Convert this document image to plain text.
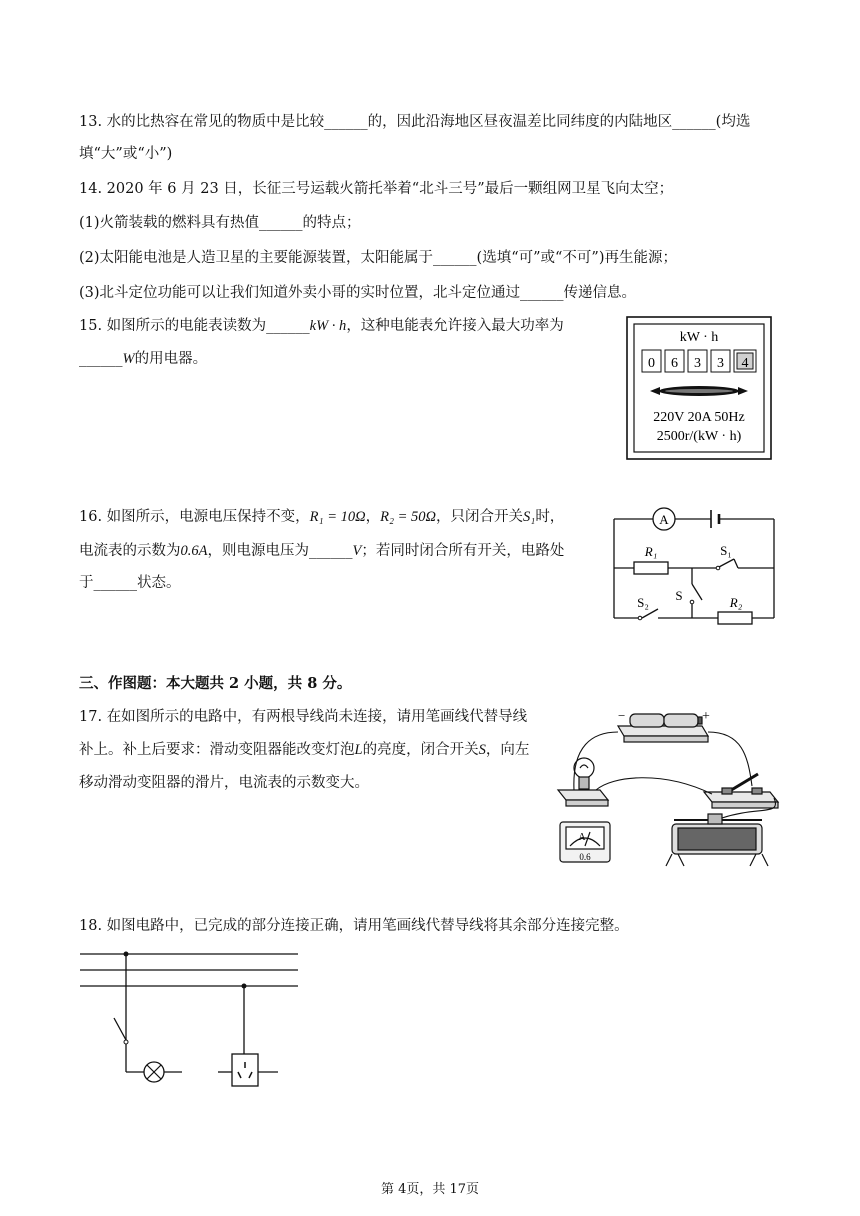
13. 水的比热容在常见的物质中是比较______的，因此沿海地区昼夜温差比同纬度的内陆地区______(均选
填“大”或“小”)
14. 2020 年 6 月 23 日，长征三号运载火箭托举着“北斗三号”最后一颗组网卫星飞向太空；
(1)火箭装载的燃料具有热值______的特点；
(2)太阳能电池是人造卫星的主要能源装置，太阳能属于______(选填“可”或“不可”)再生能源；
(3)北斗定位功能可以让我们知道外卖小哥的实时位置，北斗定位通过______传递信息。
15. 如图所示的电能表读数为______kW · h，这种电能表允许接入最大功率为
______W的用电器。
kW · h
0 6 3 3 4
220V 20A 50Hz
2500r/(kW · h)
16. 如图所示，电源电压保持不变，R₁ = 10Ω，R₂ = 50Ω，只闭合开关S₁时，
电流表的示数为0.6A，则电源电压为______V；若同时闭合所有开关，电路处
于______状态。
A
R₁	S₁
S
S₂	R₂
三、作图题：本大题共 2 小题，共 8 分。
17. 在如图所示的电路中，有两根导线尚未连接，请用笔画线代替导线
补上。补上后要求：滑动变阻器能改变灯泡L的亮度，闭合开关S，向左
移动滑动变阻器的滑片，电流表的示数变大。
−	+
A
0.6
18. 如图电路中，已完成的部分连接正确，请用笔画线代替导线将其余部分连接完整。
第 4页，共 17页
